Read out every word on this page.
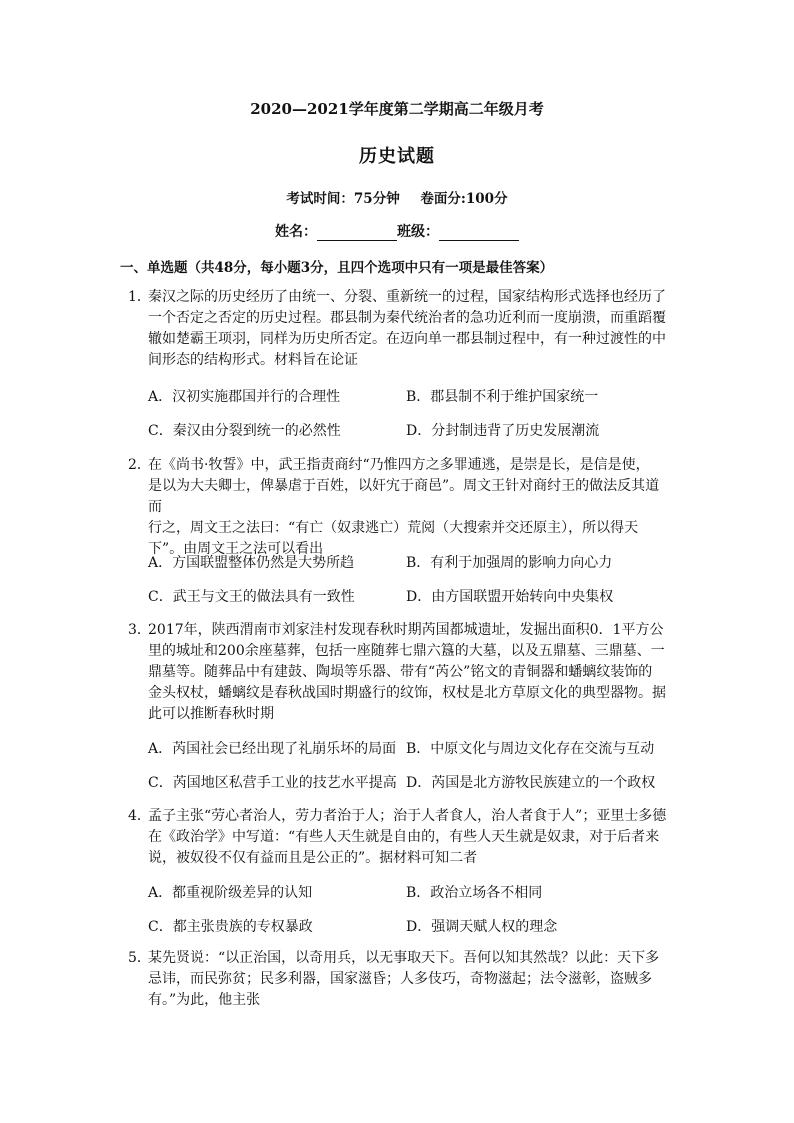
2020—2021学年度第二学期高二年级月考
历史试题
考试时间：75分钟 卷面分:100分
姓名：	班级：
一、单选题（共48分，每小题3分，且四个选项中只有一项是最佳答案）
1．
秦汉之际的历史经历了由统一、分裂、重新统一的过程，国家结构形式选择也经历了
一个否定之否定的历史过程。郡县制为秦代统治者的急功近利而一度崩溃，而重蹈覆
辙如楚霸王项羽，同样为历史所否定。在迈向单一郡县制过程中，有一种过渡性的中
间形态的结构形式。材料旨在论证
A．汉初实施郡国并行的合理性	B．郡县制不利于维护国家统一
C．秦汉由分裂到统一的必然性	D．分封制违背了历史发展潮流
2．
在《尚书·牧誓》中，武王指责商纣“乃惟四方之多罪逋逃，是崇是长，是信是使，
是以为大夫卿士，俾暴虐于百姓，以奸宄于商邑”。周文王针对商纣王的做法反其道而
行之，周文王之法曰：“有亡（奴隶逃亡）荒阅（大搜索并交还原主），所以得天
下”。由周文王之法可以看出
A．方国联盟整体仍然是大势所趋	B．有利于加强周的影响力向心力
C．武王与文王的做法具有一致性	D．由方国联盟开始转向中央集权
3．
2017年，陕西渭南市刘家洼村发现春秋时期芮国都城遗址，发掘出面积0．1平方公
里的城址和200余座墓葬，包括一座随葬七鼎六簋的大墓，以及五鼎墓、三鼎墓、一
鼎墓等。随葬品中有建鼓、陶埙等乐器、带有“芮公”铭文的青铜器和蟠螭纹装饰的
金头权杖，蟠螭纹是春秋战国时期盛行的纹饰，权杖是北方草原文化的典型器物。据
此可以推断春秋时期
A．芮国社会已经出现了礼崩乐坏的局面 B．中原文化与周边文化存在交流与互动
C．芮国地区私营手工业的技艺水平提高 D．芮国是北方游牧民族建立的一个政权
4．
孟子主张“劳心者治人，劳力者治于人；治于人者食人，治人者食于人”；亚里士多德
在《政治学》中写道：“有些人天生就是自由的，有些人天生就是奴隶，对于后者来
说，被奴役不仅有益而且是公正的”。据材料可知二者
A．都重视阶级差异的认知	B．政治立场各不相同
C．都主张贵族的专权暴政	D．强调天赋人权的理念
5．
某先贤说：“以正治国，以奇用兵，以无事取天下。吾何以知其然哉？以此：天下多
忌讳，而民弥贫；民多利器，国家滋昏；人多伎巧，奇物滋起；法令滋彰，盗贼多
有。”为此，他主张
